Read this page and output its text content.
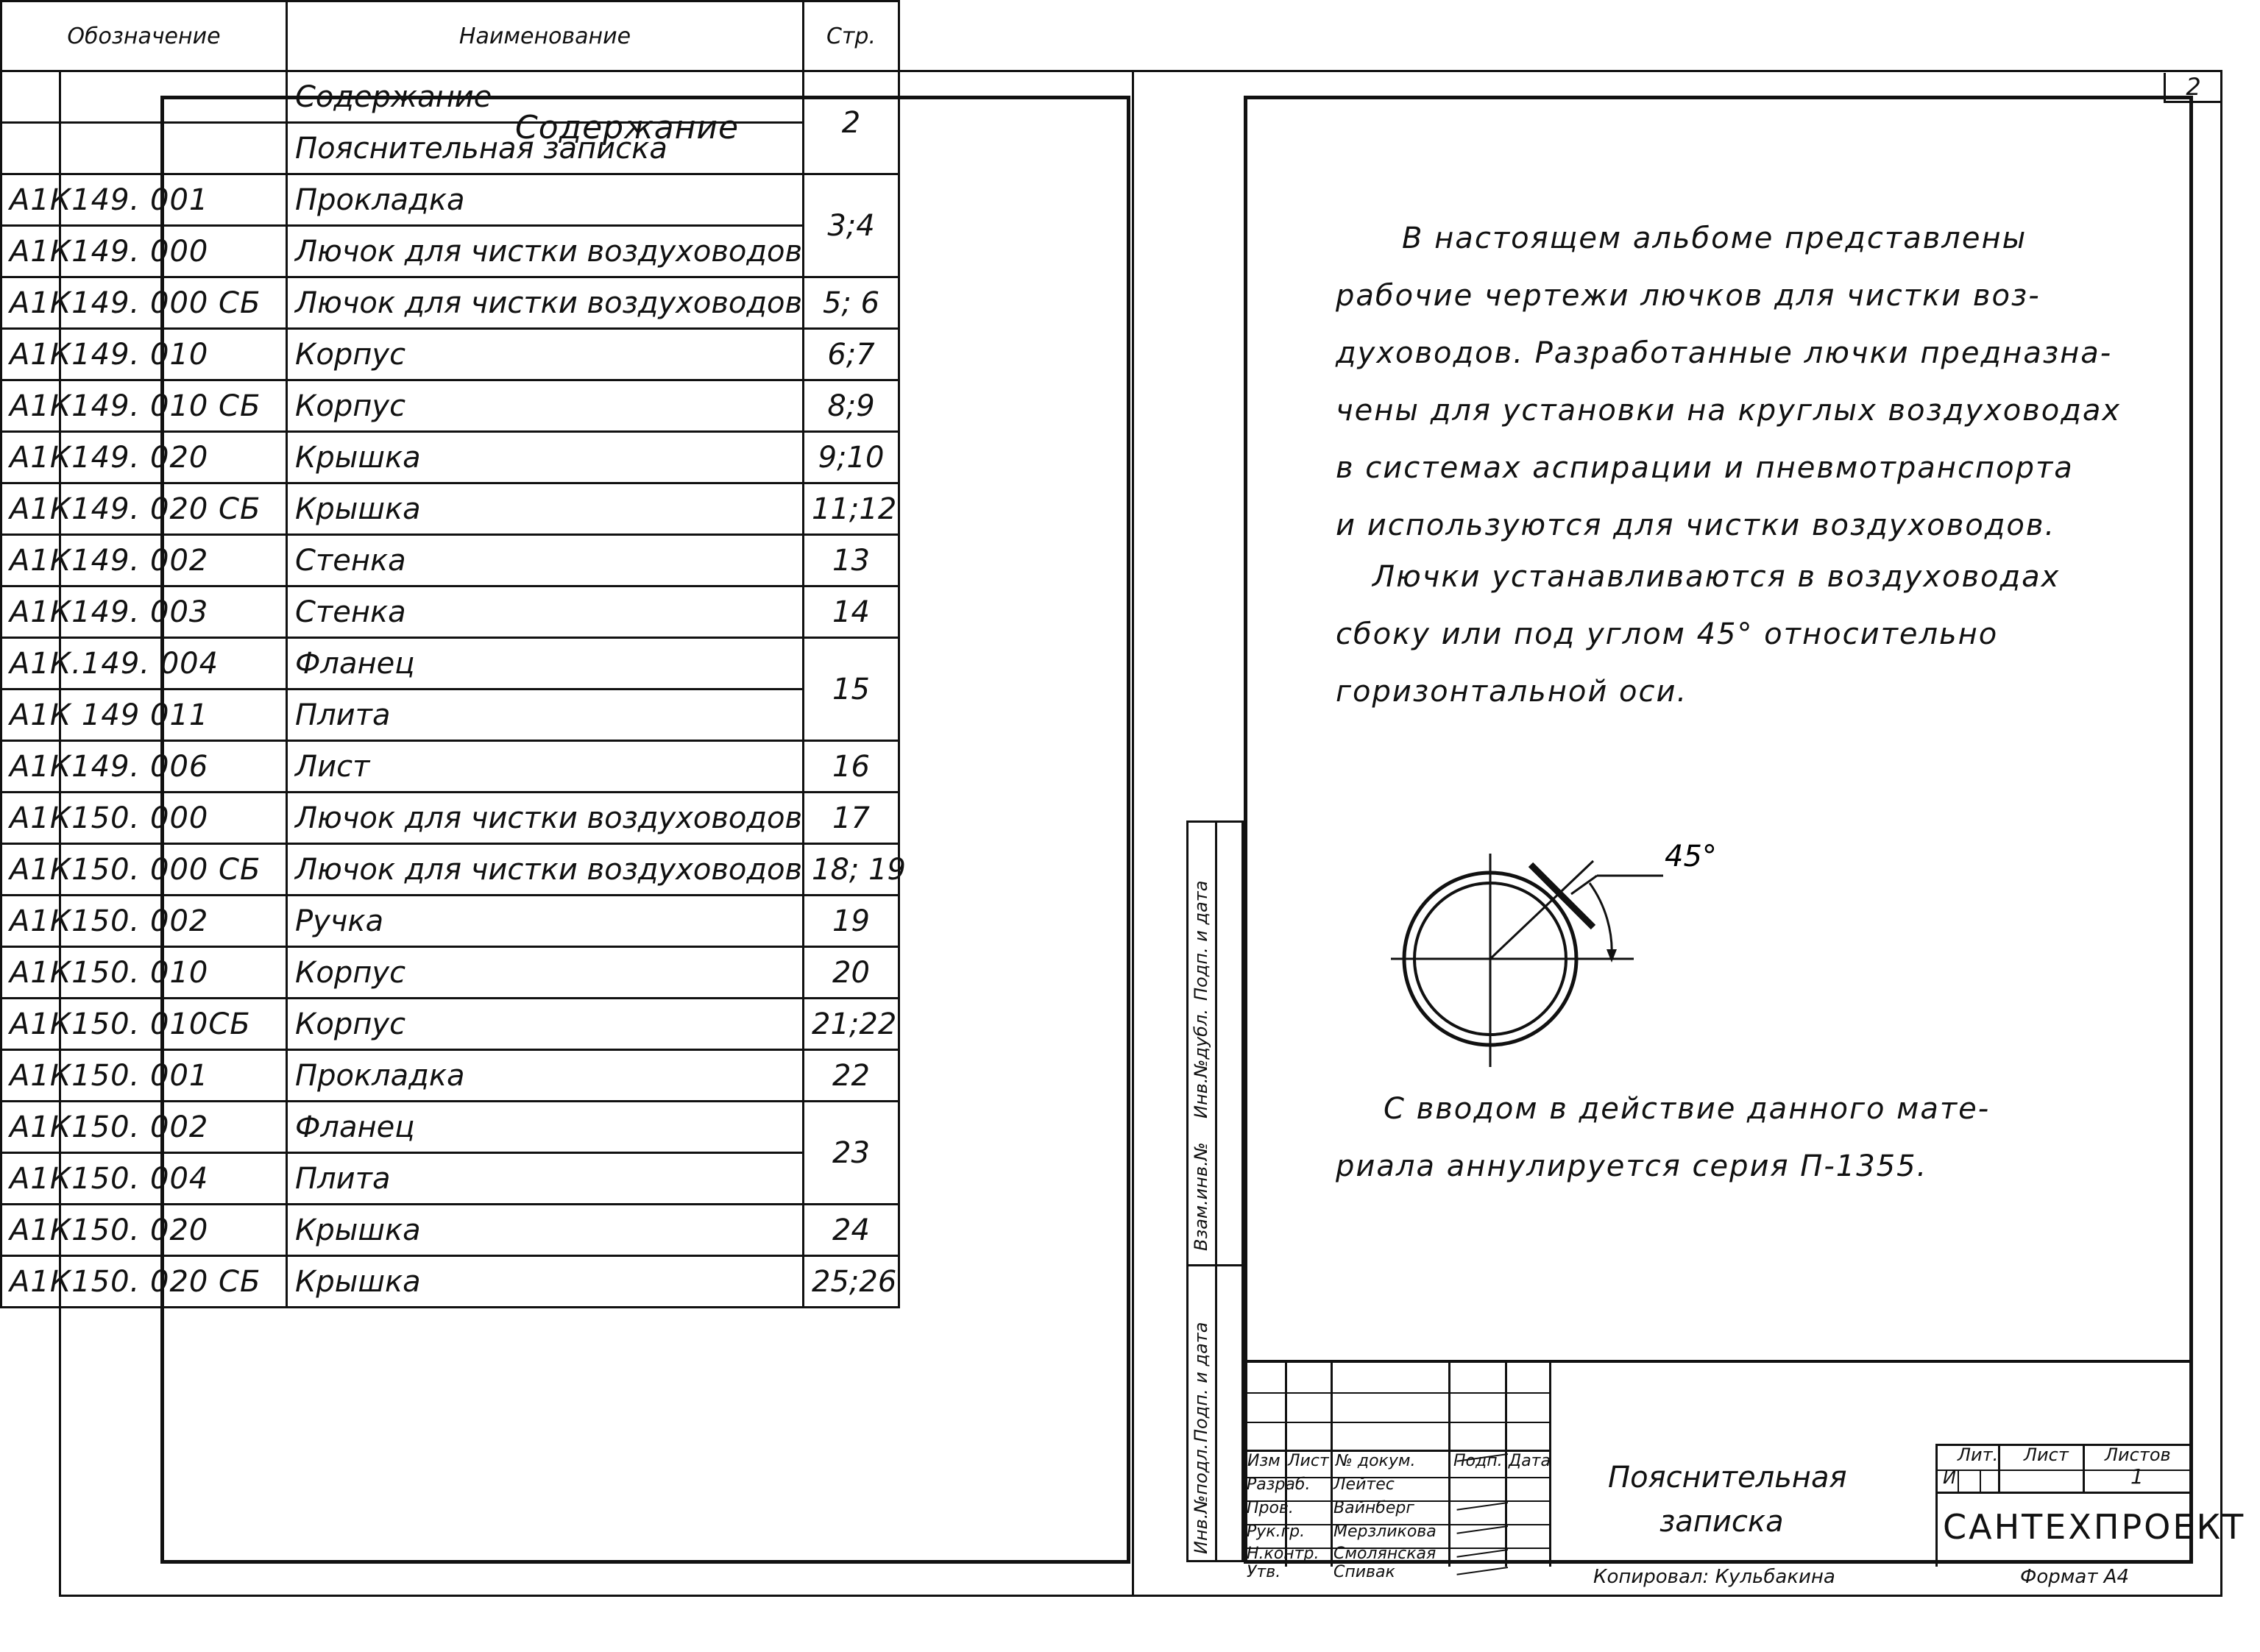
Содержание
Обозначение	Наименование	Стр.
	Содержание	2
	Пояснительная записка	
А1К149. 001	Прокладка	3;4
А1К149. 000	Лючок для чистки воздуховодов	
А1К149. 000 СБ	Лючок для чистки воздуховодов	5; 6
А1К149. 010	Корпус	6;7
А1К149. 010 СБ	Корпус	8;9
А1К149. 020	Крышка	9;10
А1К149. 020 СБ	Крышка	11;12
А1К149. 002	Стенка	13
А1К149. 003	Стенка	14
А1К.149. 004	Фланец	15
А1К 149 011	Плита	
А1К149. 006	Лист	16
А1К150. 000	Лючок для чистки воздуховодов	17
А1К150. 000 СБ	Лючок для чистки воздуховодов	18; 19
А1К150. 002	Ручка	19
А1К150. 010	Корпус	20
А1К150. 010СБ	Корпус	21;22
А1К150. 001	Прокладка	22
А1К150. 002	Фланец	23
А1К150. 004	Плита	
А1К150. 020	Крышка	24
А1К150. 020 СБ	Крышка	25;26
2
В настоящем альбоме представлены
рабочие чертежи лючков для чистки воз-
духоводов. Разработанные лючки предназна-
чены для установки на круглых воздуховодах
в системах аспирации и пневмотранспорта
и используются для чистки воздуховодов.
Лючки устанавливаются в воздуховодах
сбоку или под углом 45° относительно
горизонтальной оси.
45°
С вводом в действие данного мате-
риала аннулируется серия П-1355.
Инв.№подл.
Подп. и дата
Взам.инв.№
Инв.№дубл.
Подп. и дата
Изм Лист № докум. Подп. Дата
Разраб. Лейтес
Пров. Вайнберг
Рук.гр. Мерзликова
Н.контр. Смолянская
Утв.	Спивак
Пояснительная
записка
Лит. Лист Листов
И	1
САНТЕХПРОЕКТ
Копировал: Кульбакина	Формат А4
